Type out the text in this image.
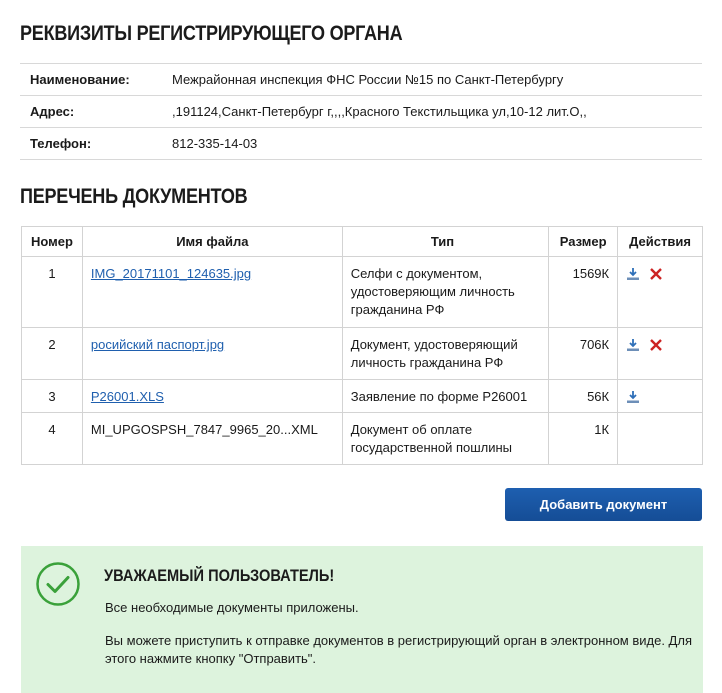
РЕКВИЗИТЫ РЕГИСТРИРУЮЩЕГО ОРГАНА
Наименование:	Межрайонная инспекция ФНС России №15 по Санкт-Петербургу
Адрес:	,191124,Санкт-Петербург г,,,,Красного Текстильщика ул,10-12 лит.О,,
Телефон:	812-335-14-03
ПЕРЕЧЕНЬ ДОКУМЕНТОВ
Номер	Имя файла	Тип	Размер	Действия
1	IMG_20171101_124635.jpg	Селфи с документом, удостоверяющим личность гражданина РФ	1569К	

2	росийский паспорт.jpg	Документ, удостоверяющий личность гражданина РФ	706К	

3	P26001.XLS	Заявление по форме Р26001	56К	

4	MI_UPGOSPSH_7847_9965_20...XML	Документ об оплате государственной пошлины	1К	
Добавить документ
УВАЖАЕМЫЙ ПОЛЬЗОВАТЕЛЬ!
Все необходимые документы приложены.
Вы можете приступить к отправке документов в регистрирующий орган в электронном виде. Для этого нажмите кнопку "Отправить".
